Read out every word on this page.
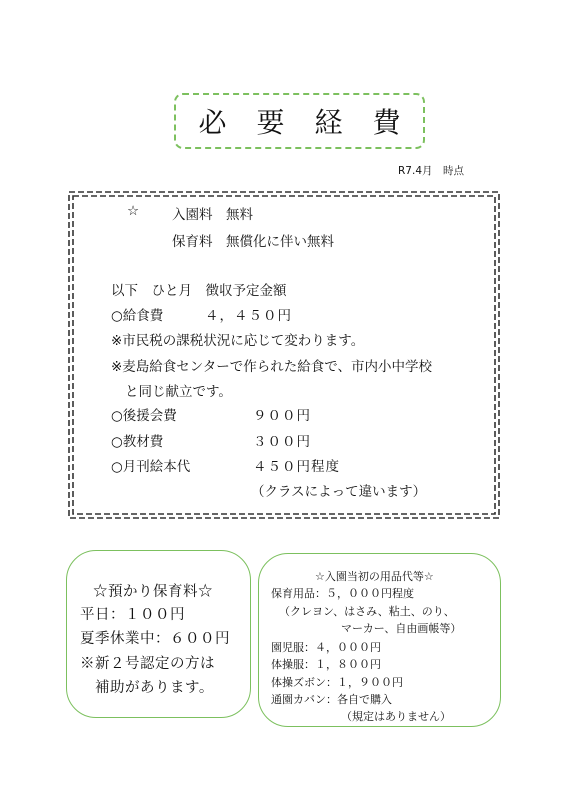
必 要 経 費
R7.4月　時点
☆ 入園料　無料
保育料　無償化に伴い無料
以下　ひと月　徴収予定金額
○給食費	４，４５０円
※市民税の課税状況に応じて変わります。
※麦島給食センターで作られた給食で、市内小中学校
と同じ献立です。
○後援会費	９００円
○教材費	３００円
○月刊絵本代	４５０円程度
（クラスによって違います）
☆預かり保育料☆
平日：１００円
夏季休業中：６００円
※新２号認定の方は
補助があります。
☆入園当初の用品代等☆
保育用品：５，０００円程度
（クレヨン、はさみ、粘土、のり、
マーカー、自由画帳等）
園児服：４，０００円
体操服：１，８００円
体操ズボン：１，９００円
通園カバン：各自で購入
（規定はありません）
